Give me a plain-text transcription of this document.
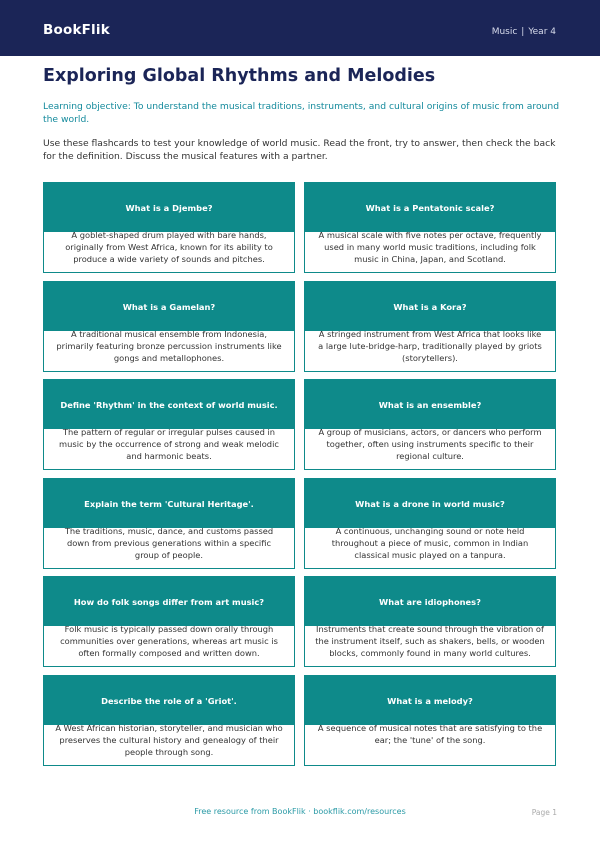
BookFlik	Music | Year 4
Exploring Global Rhythms and Melodies

Learning objective: To understand the musical traditions, instruments, and cultural origins of music from around the world.

Use these flashcards to test your knowledge of world music. Read the front, try to answer, then check the back for the definition. Discuss the musical features with a partner.

What is a Djembe?
A goblet-shaped drum played with bare hands, originally from West Africa, known for its ability to produce a wide variety of sounds and pitches.
What is a Pentatonic scale?
A musical scale with five notes per octave, frequently used in many world music traditions, including folk music in China, Japan, and Scotland.
What is a Gamelan?
A traditional musical ensemble from Indonesia, primarily featuring bronze percussion instruments like gongs and metallophones.
What is a Kora?
A stringed instrument from West Africa that looks like a large lute-bridge-harp, traditionally played by griots (storytellers).
Define 'Rhythm' in the context of world music.
The pattern of regular or irregular pulses caused in music by the occurrence of strong and weak melodic and harmonic beats.
What is an ensemble?
A group of musicians, actors, or dancers who perform together, often using instruments specific to their regional culture.
Explain the term 'Cultural Heritage'.
The traditions, music, dance, and customs passed down from previous generations within a specific group of people.
What is a drone in world music?
A continuous, unchanging sound or note held throughout a piece of music, common in Indian classical music played on a tanpura.
How do folk songs differ from art music?
Folk music is typically passed down orally through communities over generations, whereas art music is often formally composed and written down.
What are idiophones?
Instruments that create sound through the vibration of the instrument itself, such as shakers, bells, or wooden blocks, commonly found in many world cultures.
Describe the role of a 'Griot'.
A West African historian, storyteller, and musician who preserves the cultural history and genealogy of their people through song.
What is a melody?
A sequence of musical notes that are satisfying to the ear; the 'tune' of the song.
Free resource from BookFlik · bookflik.com/resources	Page 1
